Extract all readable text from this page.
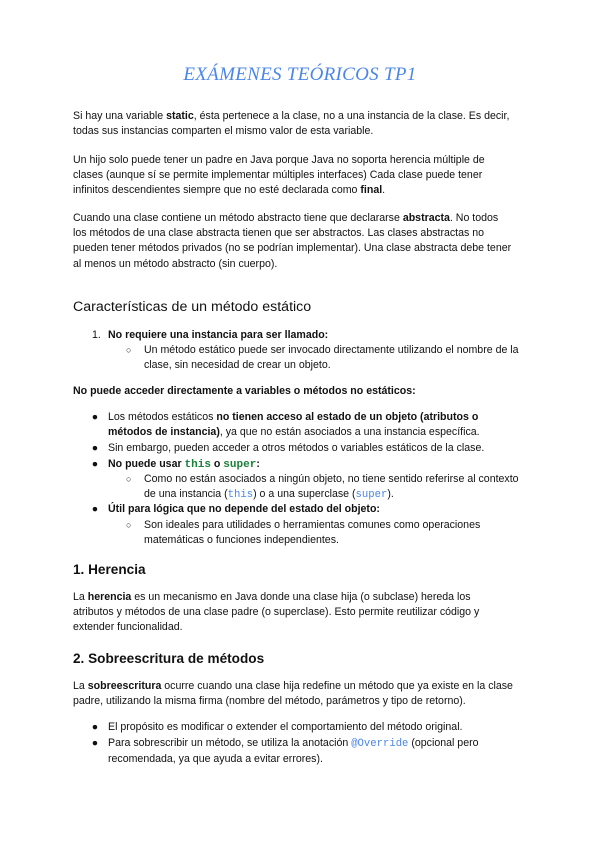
EXÁMENES TEÓRICOS TP1

Si hay una variable static, ésta pertenece a la clase, no a una instancia de la clase. Es decir, todas sus instancias comparten el mismo valor de esta variable.

Un hijo solo puede tener un padre en Java porque Java no soporta herencia múltiple de clases (aunque sí se permite implementar múltiples interfaces) Cada clase puede tener infinitos descendientes siempre que no esté declarada como final.

Cuando una clase contiene un método abstracto tiene que declararse abstracta. No todos los métodos de una clase abstracta tienen que ser abstractos. Las clases abstractas no pueden tener métodos privados (no se podrían implementar). Una clase abstracta debe tener al menos un método abstracto (sin cuerpo).

Características de un método estático
1. No requiere una instancia para ser llamado:
○ Un método estático puede ser invocado directamente utilizando el nombre de la clase, sin necesidad de crear un objeto.
No puede acceder directamente a variables o métodos no estáticos:
● Los métodos estáticos no tienen acceso al estado de un objeto (atributos o métodos de instancia), ya que no están asociados a una instancia específica.
● Sin embargo, pueden acceder a otros métodos o variables estáticos de la clase.
● No puede usar this o super:
○ Como no están asociados a ningún objeto, no tiene sentido referirse al contexto de una instancia (this) o a una superclase (super).
● Útil para lógica que no depende del estado del objeto:
○ Son ideales para utilidades o herramientas comunes como operaciones matemáticas o funciones independientes.
1. Herencia

La herencia es un mecanismo en Java donde una clase hija (o subclase) hereda los atributos y métodos de una clase padre (o superclase). Esto permite reutilizar código y extender funcionalidad.

2. Sobreescritura de métodos

La sobreescritura ocurre cuando una clase hija redefine un método que ya existe en la clase padre, utilizando la misma firma (nombre del método, parámetros y tipo de retorno).

● El propósito es modificar o extender el comportamiento del método original.
● Para sobrescribir un método, se utiliza la anotación @Override (opcional pero recomendada, ya que ayuda a evitar errores).
